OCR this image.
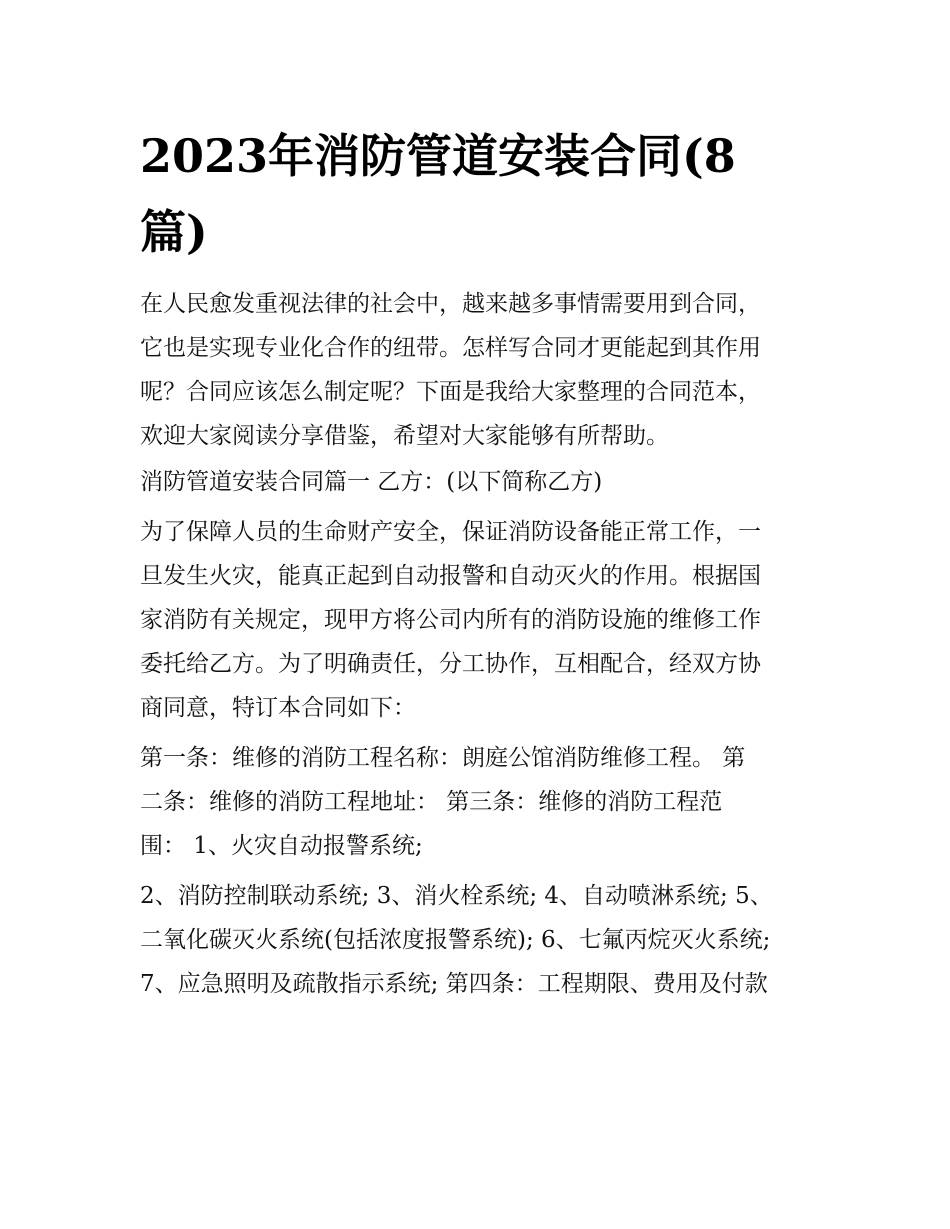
2023年消防管道安装合同(8
篇)

在人民愈发重视法律的社会中，越来越多事情需要用到合同，
它也是实现专业化合作的纽带。怎样写合同才更能起到其作用
呢？合同应该怎么制定呢？下面是我给大家整理的合同范本，
欢迎大家阅读分享借鉴，希望对大家能够有所帮助。

消防管道安装合同篇一 乙方：(以下简称乙方)

为了保障人员的生命财产安全，保证消防设备能正常工作，一
旦发生火灾，能真正起到自动报警和自动灭火的作用。根据国
家消防有关规定，现甲方将公司内所有的消防设施的维修工作
委托给乙方。为了明确责任，分工协作，互相配合，经双方协
商同意，特订本合同如下：

第一条：维修的消防工程名称：朗庭公馆消防维修工程。 第
二条：维修的消防工程地址： 第三条：维修的消防工程范
围： 1、火灾自动报警系统;

2、消防控制联动系统; 3、消火栓系统; 4、自动喷淋系统; 5、
二氧化碳灭火系统(包括浓度报警系统); 6、七氟丙烷灭火系统;
7、应急照明及疏散指示系统; 第四条：工程期限、费用及付款
